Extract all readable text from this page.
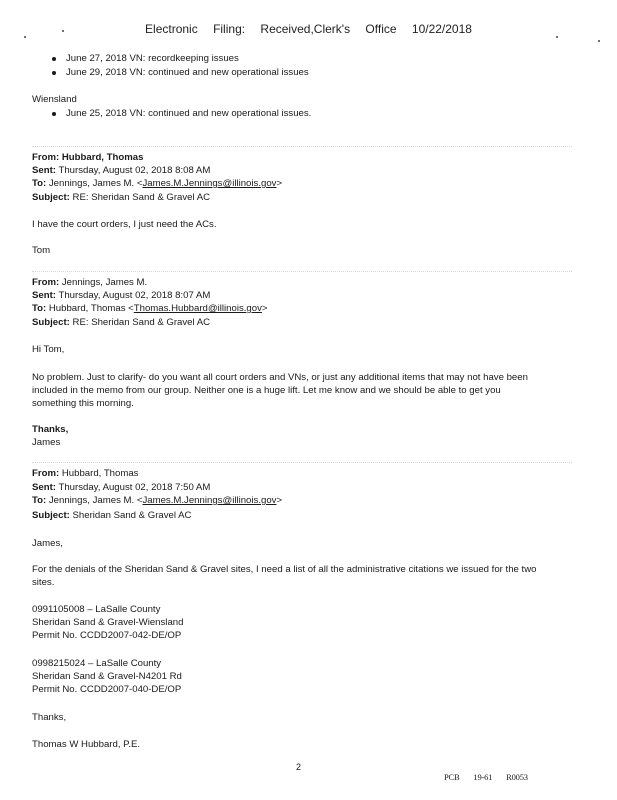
Electronic Filing: Received,Clerk's Office 10/22/2018
June 27, 2018 VN: recordkeeping issues
June 29, 2018 VN: continued and new operational issues
Wiensland
June 25, 2018 VN: continued and new operational issues.
From: Hubbard, Thomas
Sent: Thursday, August 02, 2018 8:08 AM
To: Jennings, James M. <James.M.Jennings@illinois.gov>
Subject: RE: Sheridan Sand & Gravel AC
I have the court orders, I just need the ACs.
Tom
From: Jennings, James M.
Sent: Thursday, August 02, 2018 8:07 AM
To: Hubbard, Thomas <Thomas.Hubbard@illinois.gov>
Subject: RE: Sheridan Sand & Gravel AC
Hi Tom,
No problem. Just to clarify- do you want all court orders and VNs, or just any additional items that may not have been
included in the memo from our group. Neither one is a huge lift. Let me know and we should be able to get you
something this morning.
Thanks,
James
From: Hubbard, Thomas
Sent: Thursday, August 02, 2018 7:50 AM
To: Jennings, James M. <James.M.Jennings@illinois.gov>
Subject: Sheridan Sand & Gravel AC
James,
For the denials of the Sheridan Sand & Gravel sites, I need a list of all the administrative citations we issued for the two
sites.
0991105008 – LaSalle County
Sheridan Sand & Gravel-Wiensland
Permit No. CCDD2007-042-DE/OP
0998215024 – LaSalle County
Sheridan Sand & Gravel-N4201 Rd
Permit No. CCDD2007-040-DE/OP
Thanks,
Thomas W Hubbard, P.E.
2
PCB 19-61 R0053
